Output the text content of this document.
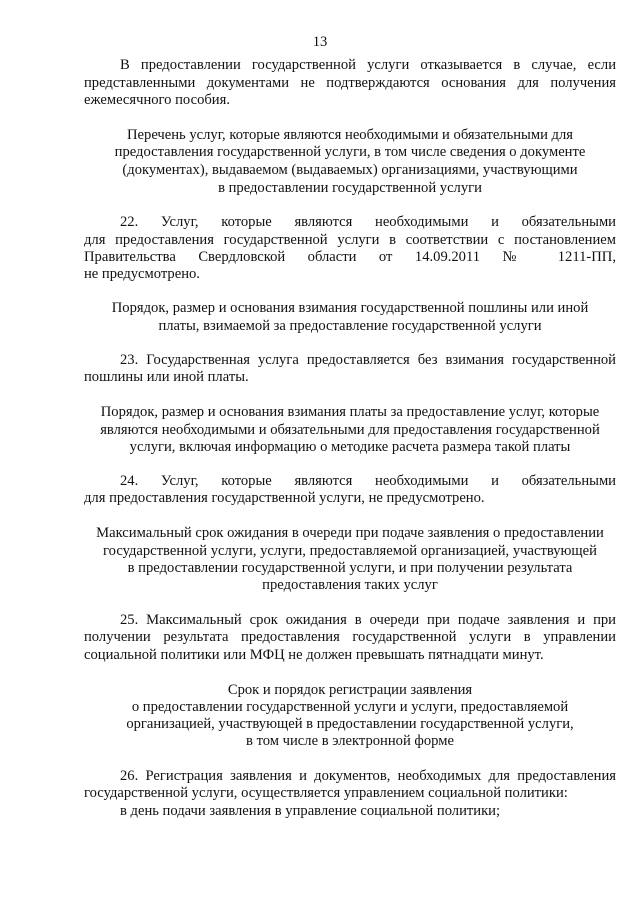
13
В предоставлении государственной услуги отказывается в случае, если
представленными документами не подтверждаются основания для получения
ежемесячного пособия.
Перечень услуг, которые являются необходимыми и обязательными для
предоставления государственной услуги, в том числе сведения о документе
(документах), выдаваемом (выдаваемых) организациями, участвующими
в предоставлении государственной услуги
22. Услуг, которые являются необходимыми и обязательными
для предоставления государственной услуги в соответствии с постановлением
Правительства Свердловской области от 14.09.2011 № 1211-ПП,
не предусмотрено.
Порядок, размер и основания взимания государственной пошлины или иной
платы, взимаемой за предоставление государственной услуги
23. Государственная услуга предоставляется без взимания государственной
пошлины или иной платы.
Порядок, размер и основания взимания платы за предоставление услуг, которые
являются необходимыми и обязательными для предоставления государственной
услуги, включая информацию о методике расчета размера такой платы
24. Услуг, которые являются необходимыми и обязательными
для предоставления государственной услуги, не предусмотрено.
Максимальный срок ожидания в очереди при подаче заявления о предоставлении
государственной услуги, услуги, предоставляемой организацией, участвующей
в предоставлении государственной услуги, и при получении результата
предоставления таких услуг
25. Максимальный срок ожидания в очереди при подаче заявления и при
получении результата предоставления государственной услуги в управлении
социальной политики или МФЦ не должен превышать пятнадцати минут.
Срок и порядок регистрации заявления
о предоставлении государственной услуги и услуги, предоставляемой
организацией, участвующей в предоставлении государственной услуги,
в том числе в электронной форме
26. Регистрация заявления и документов, необходимых для предоставления
государственной услуги, осуществляется управлением социальной политики:
в день подачи заявления в управление социальной политики;
